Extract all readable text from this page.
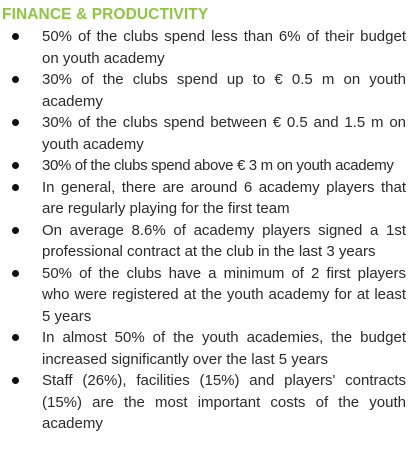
FINANCE & PRODUCTIVITY
50% of the clubs spend less than 6% of their budget on youth academy
30% of the clubs spend up to € 0.5 m on youth academy
30% of the clubs spend between € 0.5 and 1.5 m on youth academy
30% of the clubs spend above € 3 m on youth academy
In general, there are around 6 academy players that are regularly playing for the first team
On average 8.6% of academy players signed a 1st professional contract at the club in the last 3 years
50% of the clubs have a minimum of 2 first players who were registered at the youth academy for at least 5 years
In almost 50% of the youth academies, the budget increased significantly over the last 5 years
Staff (26%), facilities (15%) and players' contracts (15%) are the most important costs of the youth academy
